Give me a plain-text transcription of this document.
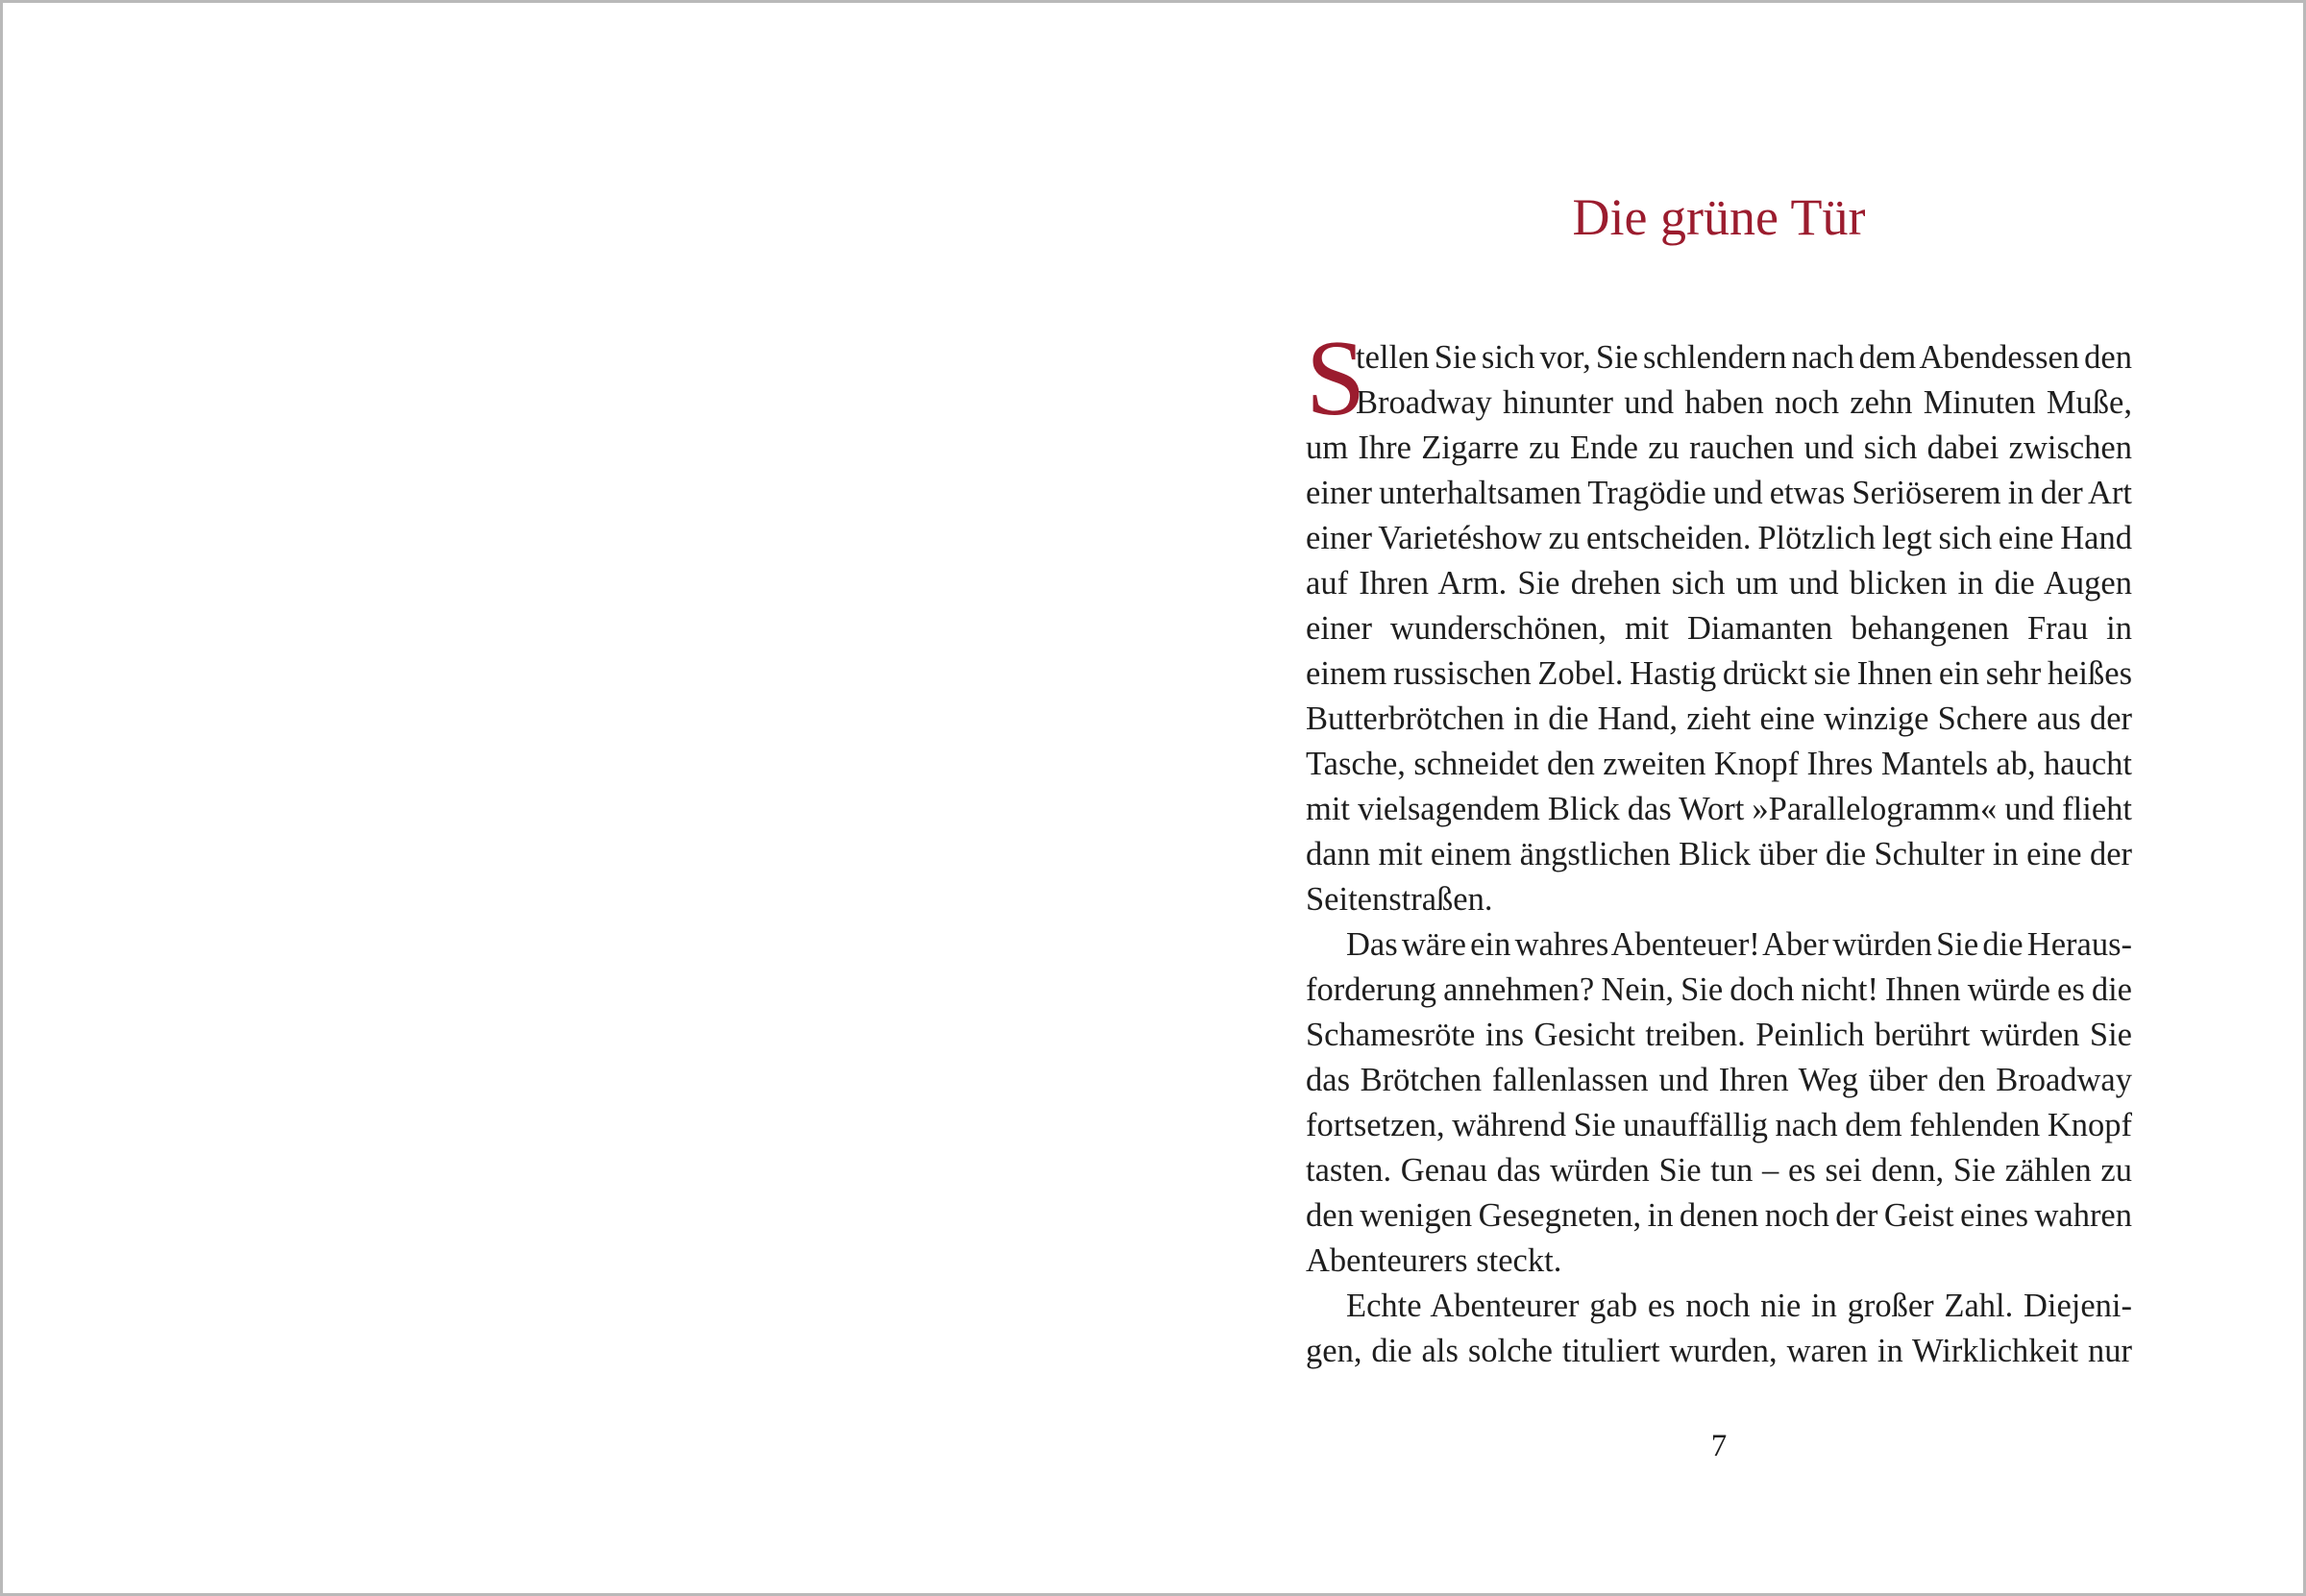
Die grüne Tür
S
tellen Sie sich vor, Sie schlendern nach dem Abendessen den
Broadway hinunter und haben noch zehn Minuten Muße,
um Ihre Zigarre zu Ende zu rauchen und sich dabei zwischen
einer unterhaltsamen Tragödie und etwas Seriöserem in der Art
einer Varietéshow zu entscheiden. Plötzlich legt sich eine Hand
auf Ihren Arm. Sie drehen sich um und blicken in die Augen
einer wunderschönen, mit Diamanten behangenen Frau in
einem russischen Zobel. Hastig drückt sie Ihnen ein sehr heißes
Butterbrötchen in die Hand, zieht eine winzige Schere aus der
Tasche, schneidet den zweiten Knopf Ihres Mantels ab, haucht
mit vielsagendem Blick das Wort »Parallelogramm« und flieht
dann mit einem ängstlichen Blick über die Schulter in eine der
Seitenstraßen.
Das wäre ein wahres Abenteuer! Aber würden Sie die Heraus-
forderung annehmen? Nein, Sie doch nicht! Ihnen würde es die
Schamesröte ins Gesicht treiben. Peinlich berührt würden Sie
das Brötchen fallenlassen und Ihren Weg über den Broadway
fortsetzen, während Sie unauffällig nach dem fehlenden Knopf
tasten. Genau das würden Sie tun – es sei denn, Sie zählen zu
den wenigen Gesegneten, in denen noch der Geist eines wahren
Abenteurers steckt.
Echte Abenteurer gab es noch nie in großer Zahl. Diejeni-
gen, die als solche tituliert wurden, waren in Wirklichkeit nur
7
